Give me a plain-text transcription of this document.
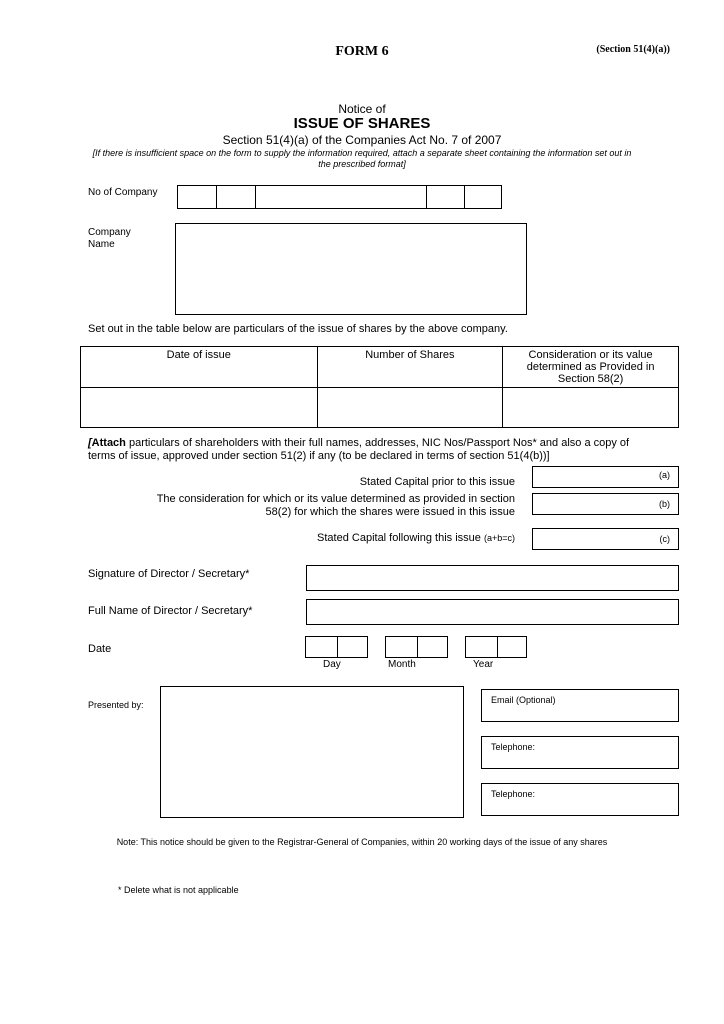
FORM 6	(Section 51(4)(a))
Notice of
ISSUE OF SHARES
Section 51(4)(a) of the Companies Act No. 7 of 2007
[If there is insufficient space on the form to supply the information required, attach a separate sheet containing the information set out in the prescribed format]
No of Company
Company
Name
Set out in the table below are particulars of the issue of shares by the above company.
Date of issue	Number of Shares	Consideration or its value determined as Provided in Section 58(2)

[Attach particulars of shareholders with their full names, addresses, NIC Nos/Passport Nos* and also a copy of terms of issue, approved under section 51(2) if any (to be declared in terms of section 51(4(b))]
Stated Capital prior to this issue
(a)
The consideration for which or its value determined as provided in section
58(2) for which the shares were issued in this issue
(b)
Stated Capital following this issue (a+b=c)	(c)
Signature of Director / Secretary*
Full Name of Director / Secretary*
Date
Day	Month	Year
Presented by:	Email (Optional)
Telephone:
Telephone:
Note: This notice should be given to the Registrar-General of Companies, within 20 working days of the issue of any shares
* Delete what is not applicable
